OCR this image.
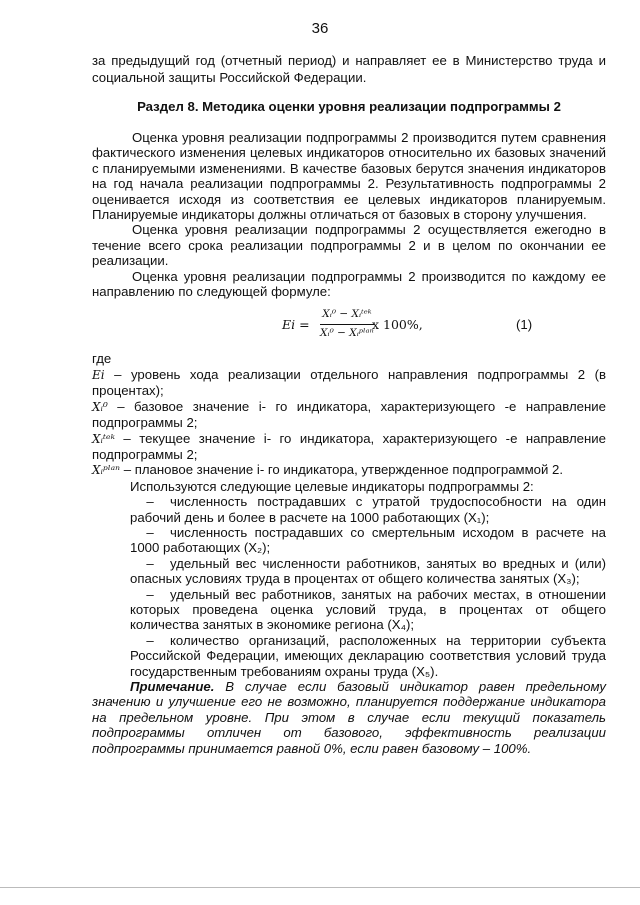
36
за предыдущий год (отчетный период) и направляет ее в Министерство труда и социальной защиты Российской Федерации.
Раздел 8. Методика оценки уровня реализации подпрограммы 2

Оценка уровня реализации подпрограммы 2 производится путем сравнения фактического изменения целевых индикаторов относительно их базовых значений с планируемыми изменениями. В качестве базовых берутся значения индикаторов на год начала реализации подпрограммы 2. Результативность подпрограммы 2 оценивается исходя из соответствия ее целевых индикаторов планируемым. Планируемые индикаторы должны отличаться от базовых в сторону улучшения.

Оценка уровня реализации подпрограммы 2 осуществляется ежегодно в течение всего срока реализации подпрограммы 2 и в целом по окончании ее реализации.

Оценка уровня реализации подпрограммы 2 производится по каждому ее направлению по следующей формуле:

Ei =
Xᵢ⁰ − Xᵢᵗᵉᵏ
Xᵢ⁰ − Xᵢᵖˡᵃⁿ
x 100%,	(1)

где

Ei – уровень хода реализации отдельного направления подпрограммы 2 (в процентах);

Xᵢ⁰ – базовое значение i- го индикатора, характеризующего -е направление подпрограммы 2;

Xᵢᵗᵉᵏ – текущее значение i- го индикатора, характеризующего -е направление подпрограммы 2;

Xᵢᵖˡᵃⁿ – плановое значение i- го индикатора, утвержденное подпрограммой 2.

Используются следующие целевые индикаторы подпрограммы 2:

– численность пострадавших с утратой трудоспособности на один рабочий день и более в расчете на 1000 работающих (X₁);

– численность пострадавших со смертельным исходом в расчете на 1000 работающих (X₂);

– удельный вес численности работников, занятых во вредных и (или) опасных условиях труда в процентах от общего количества занятых (X₃);

– удельный вес работников, занятых на рабочих местах, в отношении которых проведена оценка условий труда, в процентах от общего количества занятых в экономике региона (X₄);

– количество организаций, расположенных на территории субъекта Российской Федерации, имеющих декларацию соответствия условий труда государственным требованиям охраны труда (X₅).

Примечание. В случае если базовый индикатор равен предельному значению и улучшение его не возможно, планируется поддержание индикатора на предельном уровне. При этом в случае если текущий показатель подпрограммы отличен от базового, эффективность реализации подпрограммы принимается равной 0%, если равен базовому – 100%.
